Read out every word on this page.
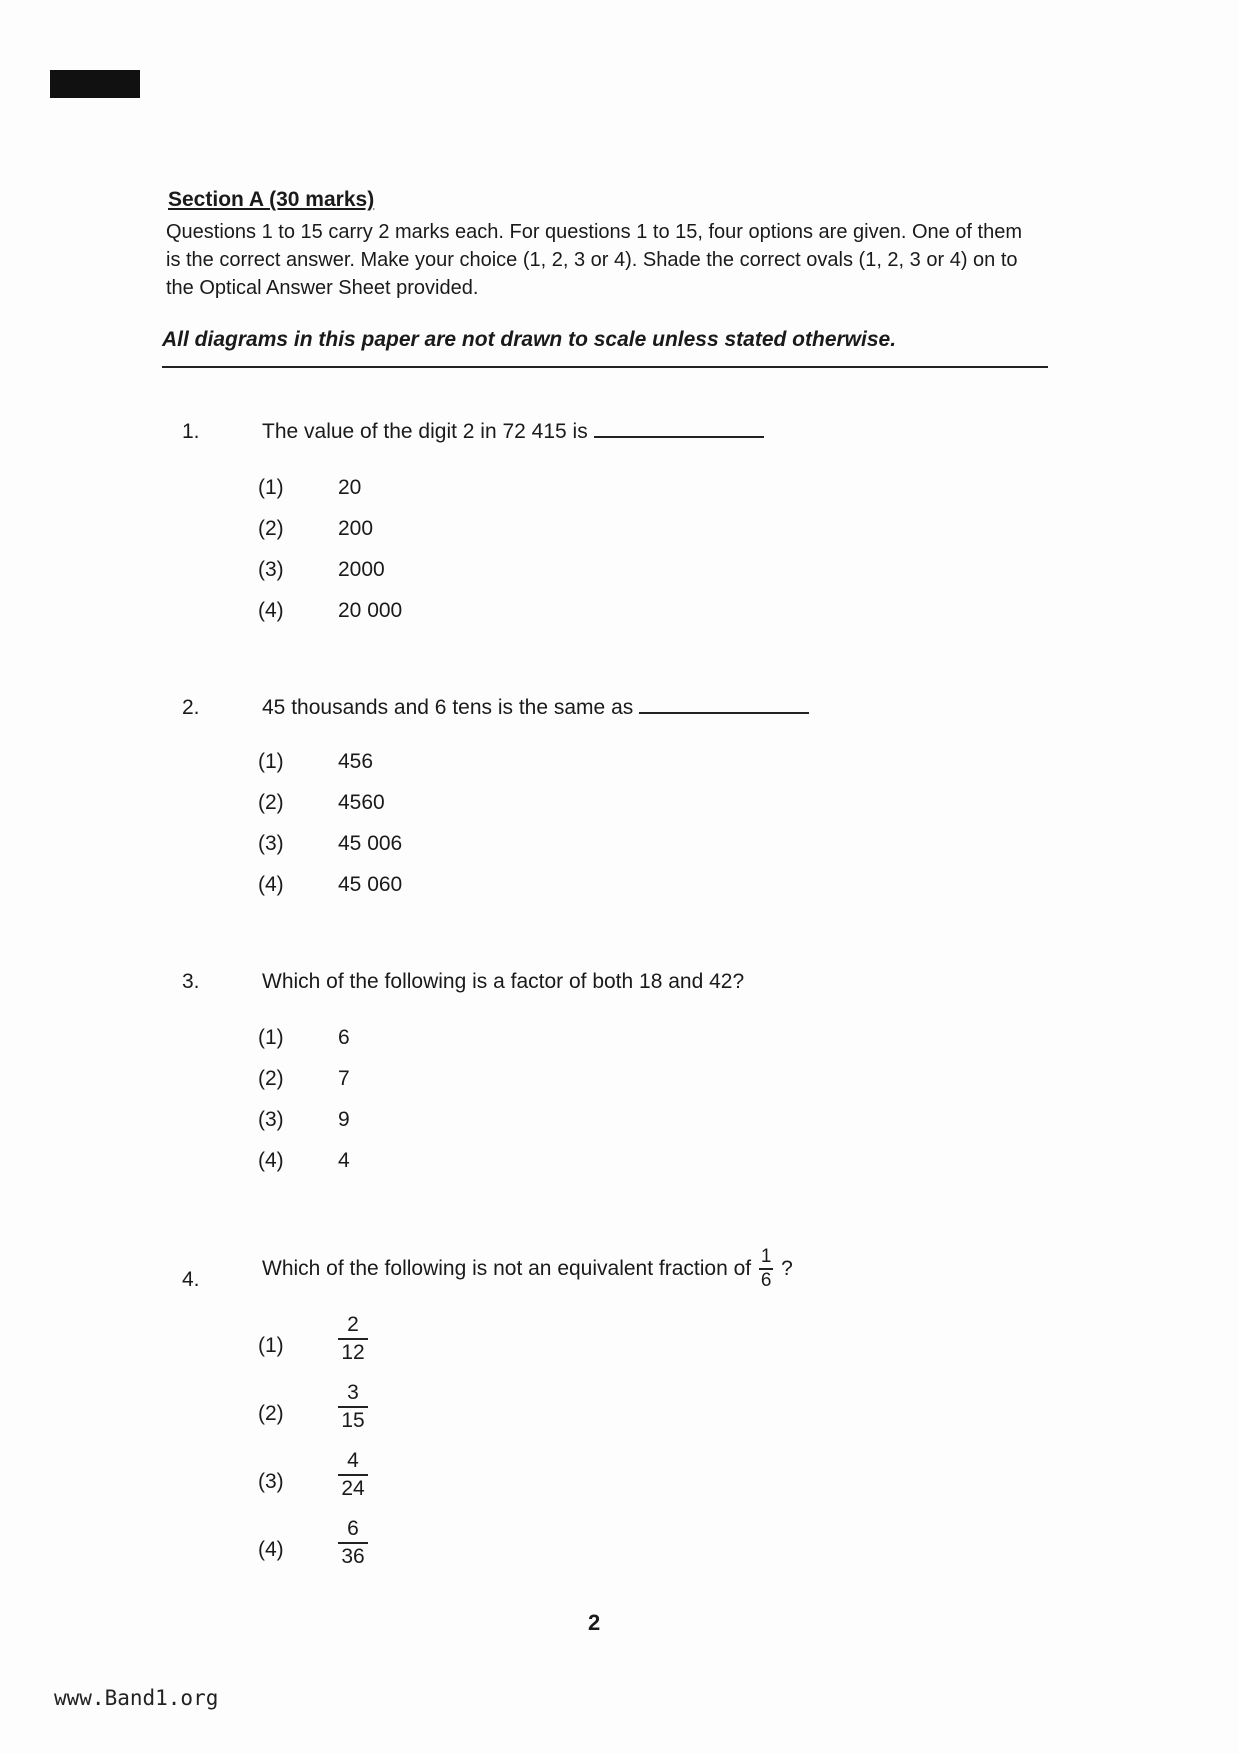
Section A (30 marks)
Questions 1 to 15 carry 2 marks each. For questions 1 to 15, four options are given. One of them is the correct answer. Make your choice (1, 2, 3 or 4). Shade the correct ovals (1, 2, 3 or 4) on to the Optical Answer Sheet provided.
All diagrams in this paper are not drawn to scale unless stated otherwise.
1.	The value of the digit 2 in 72 415 is
(1)	20
(2)	200
(3)	2000
(4)	20 000
2.	45 thousands and 6 tens is the same as
(1)	456
(2)	4560
(3)	45 006
(4)	45 060
3.	Which of the following is a factor of both 18 and 42?
(1)	6
(2)	7
(3)	9
(4)	4
4.	Which of the following is not an equivalent fraction of $\frac{1}{6}$ ?
(1)
2
12
(2)
3
15
(3)
4
24
(4)
6
36
2
www.Band1.org
